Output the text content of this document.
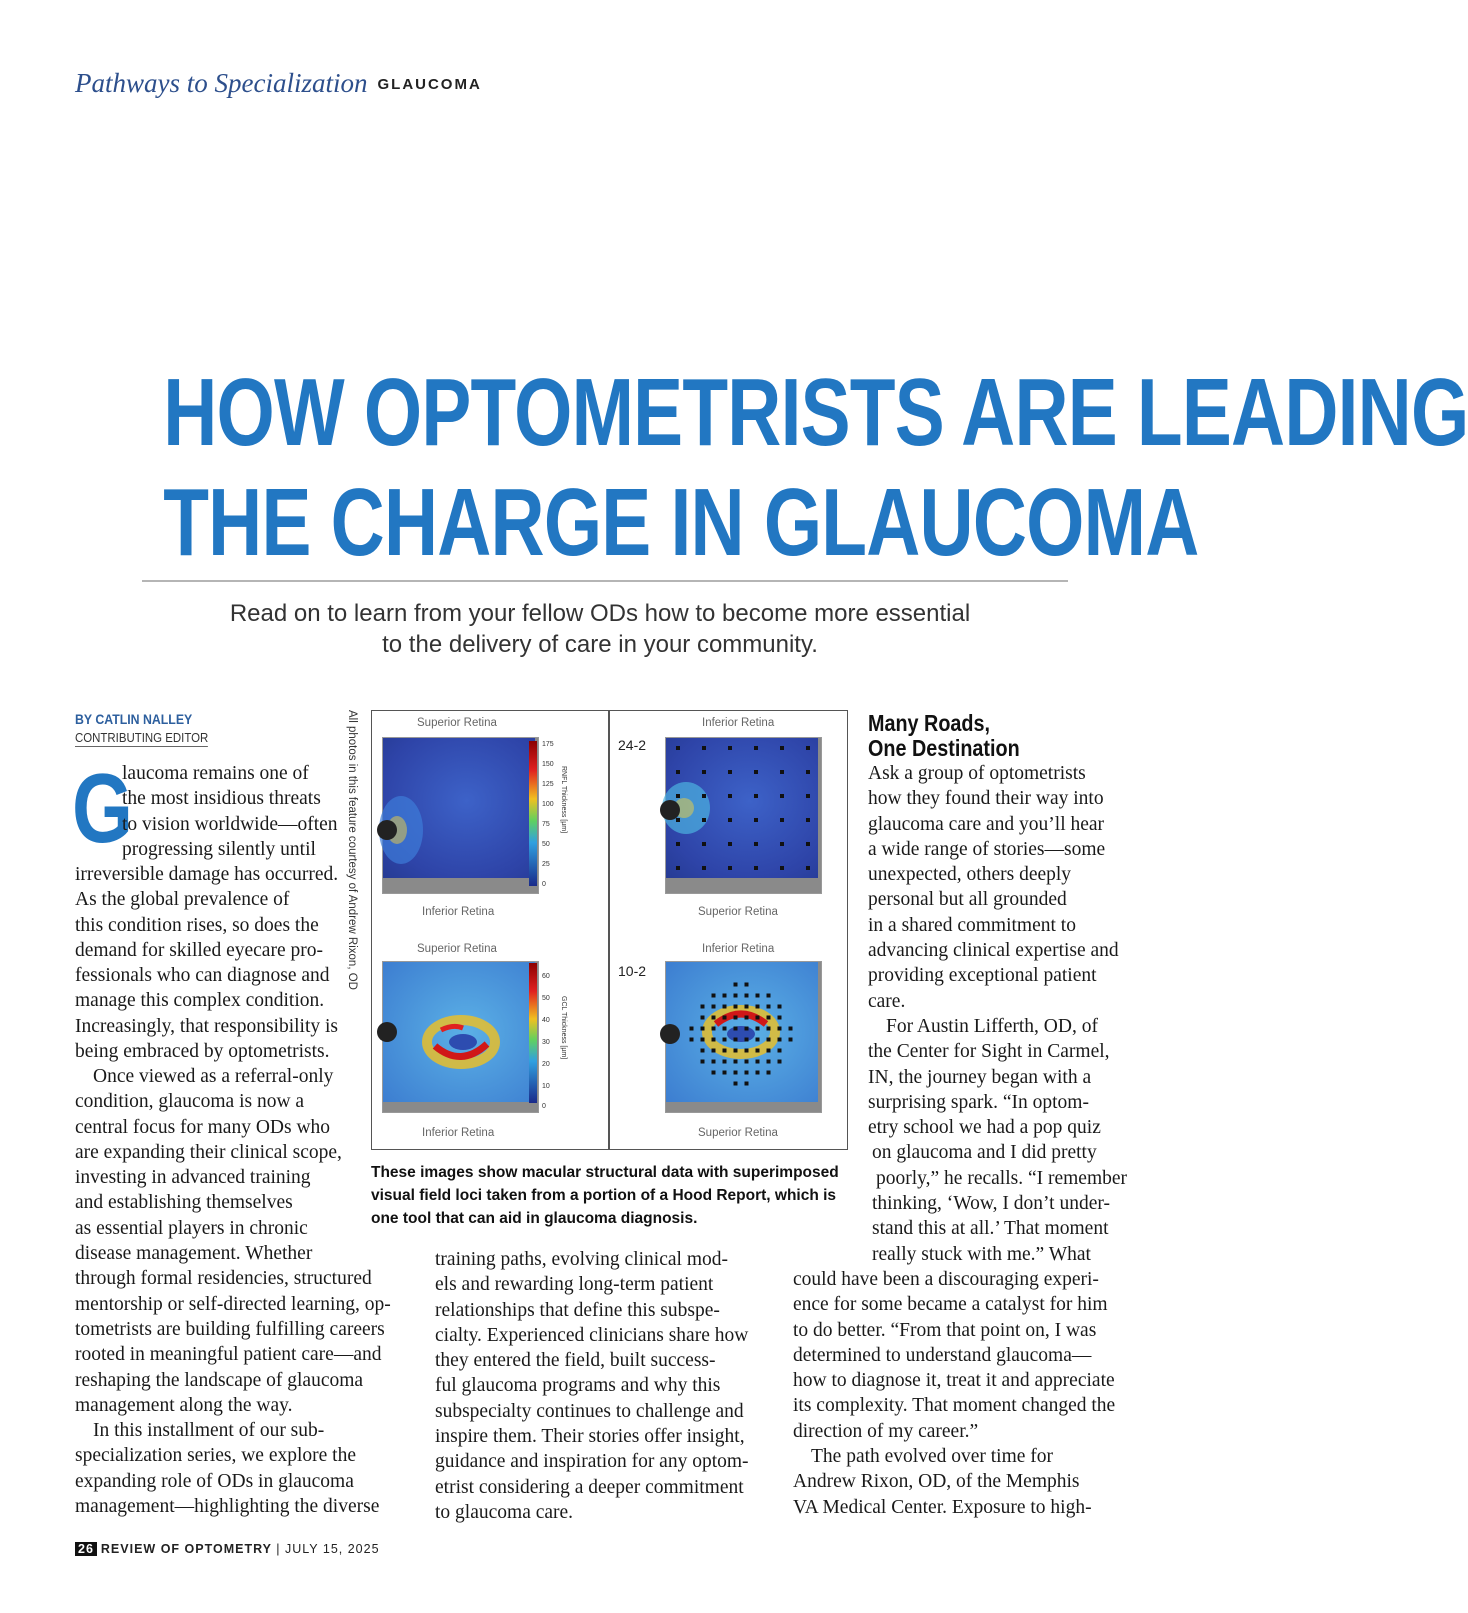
Pathways to Specialization GLAUCOMA
HOW OPTOMETRISTS ARE LEADING
THE CHARGE IN GLAUCOMA
Read on to learn from your fellow ODs how to become more essential
to the delivery of care in your community.
BY CATLIN NALLEY
CONTRIBUTING EDITOR
G

laucoma remains one of

the most insidious threats

to vision worldwide—often

progressing silently until

irreversible damage has occurred.

As the global prevalence of

this condition rises, so does the

demand for skilled eyecare pro-

fessionals who can diagnose and

manage this complex condition.

Increasingly, that responsibility is

being embraced by optometrists.

Once viewed as a referral-only

condition, glaucoma is now a

central focus for many ODs who

are expanding their clinical scope,

investing in advanced training

and establishing themselves

as essential players in chronic

disease management. Whether

through formal residencies, structured

mentorship or self-directed learning, op-

tometrists are building fulfilling careers

rooted in meaningful patient care—and

reshaping the landscape of glaucoma

management along the way.

In this installment of our sub-

specialization series, we explore the

expanding role of ODs in glaucoma

management—highlighting the diverse

All photos in this feature courtesy of Andrew Rixon, OD	Superior Retina
175
150
125
100
75
50
25
0
RNFL Thickness [µm]
Inferior Retina
24-2
Inferior Retina
Superior Retina
Superior Retina
60
50
40
30
20
10
0
GCL Thickness [µm]
Inferior Retina
10-2
Inferior Retina
Superior Retina
These images show macular structural data with superimposed visual field loci taken from a portion of a Hood Report, which is one tool that can aid in glaucoma diagnosis.

training paths, evolving clinical mod-

els and rewarding long-term patient

relationships that define this subspe-

cialty. Experienced clinicians share how

they entered the field, built success-

ful glaucoma programs and why this

subspecialty continues to challenge and

inspire them. Their stories offer insight,

guidance and inspiration for any optom-

etrist considering a deeper commitment

to glaucoma care.

Many Roads,
One Destination

Ask a group of optometrists

how they found their way into

glaucoma care and you’ll hear

a wide range of stories—some

unexpected, others deeply

personal but all grounded

in a shared commitment to

advancing clinical expertise and

providing exceptional patient

care.

For Austin Lifferth, OD, of

the Center for Sight in Carmel,

IN, the journey began with a

surprising spark. “In optom-

etry school we had a pop quiz

on glaucoma and I did pretty

poorly,” he recalls. “I remember

thinking, ‘Wow, I don’t under-

stand this at all.’ That moment

really stuck with me.” What

could have been a discouraging experi-

ence for some became a catalyst for him

to do better. “From that point on, I was

determined to understand glaucoma—

how to diagnose it, treat it and appreciate

its complexity. That moment changed the

direction of my career.”

The path evolved over time for

Andrew Rixon, OD, of the Memphis

VA Medical Center. Exposure to high-

26 REVIEW OF OPTOMETRY | JULY 15, 2025
